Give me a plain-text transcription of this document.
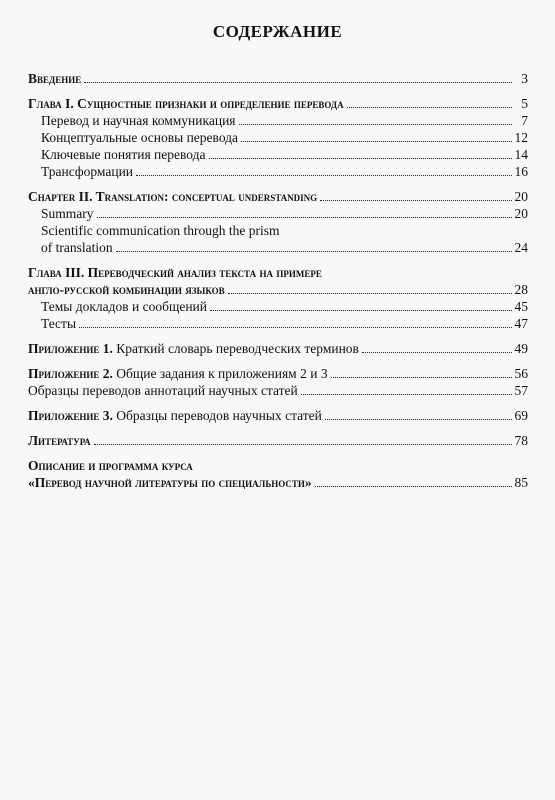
СОДЕРЖАНИЕ
Введение	3
Глава I. Сущностные признаки и определение перевода	5
Перевод и научная коммуникация	7
Концептуальные основы перевода	12
Ключевые понятия перевода	14
Трансформации	16
Chapter II. Translation: conceptual understanding	20
Summary	20
Scientific communication through the prism
of translation	24
Глава III. Переводческий анализ текста на примере
англо-русской комбинации языков	28
Темы докладов и сообщений	45
Тесты	47
Приложение 1. Краткий словарь переводческих терминов	49
Приложение 2. Общие задания к приложениям 2 и 3	56
Образцы переводов аннотаций научных статей	57
Приложение 3. Образцы переводов научных статей	69
Литература	78
Описание и программа курса
«Перевод научной литературы по специальности»	85
